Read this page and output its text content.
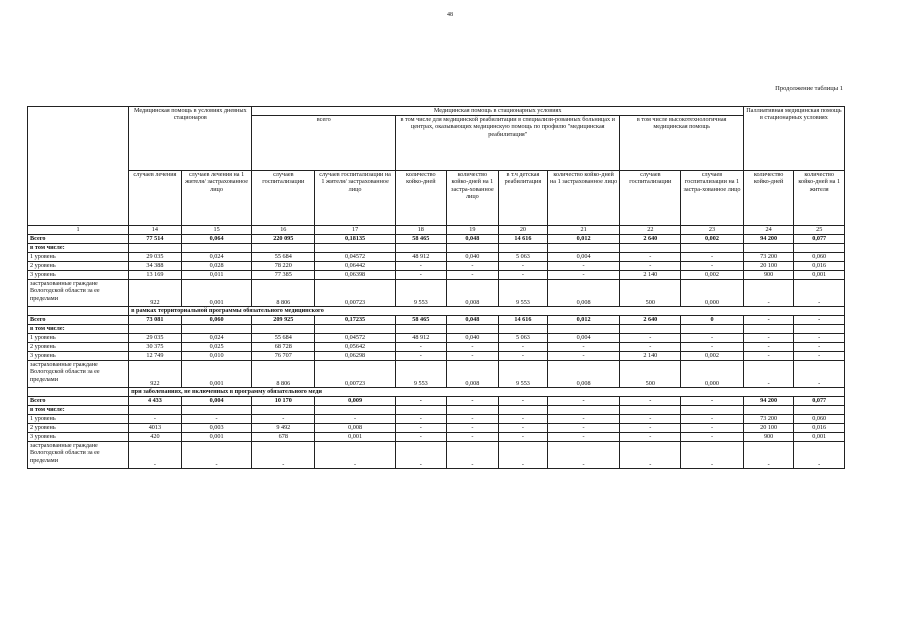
48
Продолжение таблицы 1
	Медицинская помощь в условиях дневных стационаров		Медицинская помощь в стационарных условиях								Паллиативная медицинская помощь в стационарных условиях	
			всего		в том числе для медицинской реабилитации в специализи-рованных больницах и центрах, оказывающих медицинскую помощь по профилю "медицинская реабилитация"				в том числе высокотехнологичная медицинская помощь			
	случаев лечения	случаев лечения на 1 жителя/ застрахованное лицо	случаев госпитализации	случаев госпитализации на 1 жителя/ застрахованное лицо	количество койко-дней	количество койко-дней на 1 застра-хованное лицо	в т.ч детская реабилитация	количество койко-дней на 1 застрахованное лицо	случаев госпитализации	случаев госпитализации на 1 застра-хованное лицо	количество койко-дней	количество койко-дней на 1 жителя
1	14	15	16	17	18	19	20	21	22	23	24	25
Всего	77 514	0,064	220 095	0,18135	58 465	0,048	14 616	0,012	2 640	0,002	94 200	0,077
в том числе:												
1 уровень	29 035	0,024	55 684	0,04572	48 912	0,040	5 063	0,004	-	-	73 200	0,060
2 уровень	34 388	0,028	78 220	0,06442	-	-	-	-	-	-	20 100	0,016
3 уровень	13 169	0,011	77 385	0,06398	-	-	-	-	2 140	0,002	900	0,001
застрахованные граждане Вологодской области за ее пределами	922	0,001	8 806	0,00723	9 553	0,008	9 553	0,008	500	0,000	-	-
	в рамках территориальной программы обязательного медицинского											
Всего	73 081	0,060	209 925	0,17235	58 465	0,048	14 616	0,012	2 640	0	-	-
в том числе:												
1 уровень	29 035	0,024	55 684	0,04572	48 912	0,040	5 063	0,004	-	-	-	-
2 уровень	30 375	0,025	68 728	0,05642	-	-	-	-	-	-	-	-
3 уровень	12 749	0,010	76 707	0,06298	-	-	-	-	2 140	0,002	-	-
застрахованные граждане Вологодской области за ее пределами	922	0,001	8 806	0,00723	9 553	0,008	9 553	0,008	500	0,000	-	-
	при заболеваниях, не включенных в программу обязательного меди											
Всего	4 433	0,004	10 170	0,009	-	-	-	-	-	-	94 200	0,077
в том числе:												
1 уровень	-	-	-	-	-	-	-	-	-	-	73 200	0,060
2 уровень	4013	0,003	9 492	0,008	-	-	-	-	-	-	20 100	0,016
3 уровень	420	0,001	678	0,001	-	-	-	-	-	-	900	0,001
застрахованные граждане Вологодской области за ее пределами	-	-	-	-	-	-	-	-	-	-	-	-
